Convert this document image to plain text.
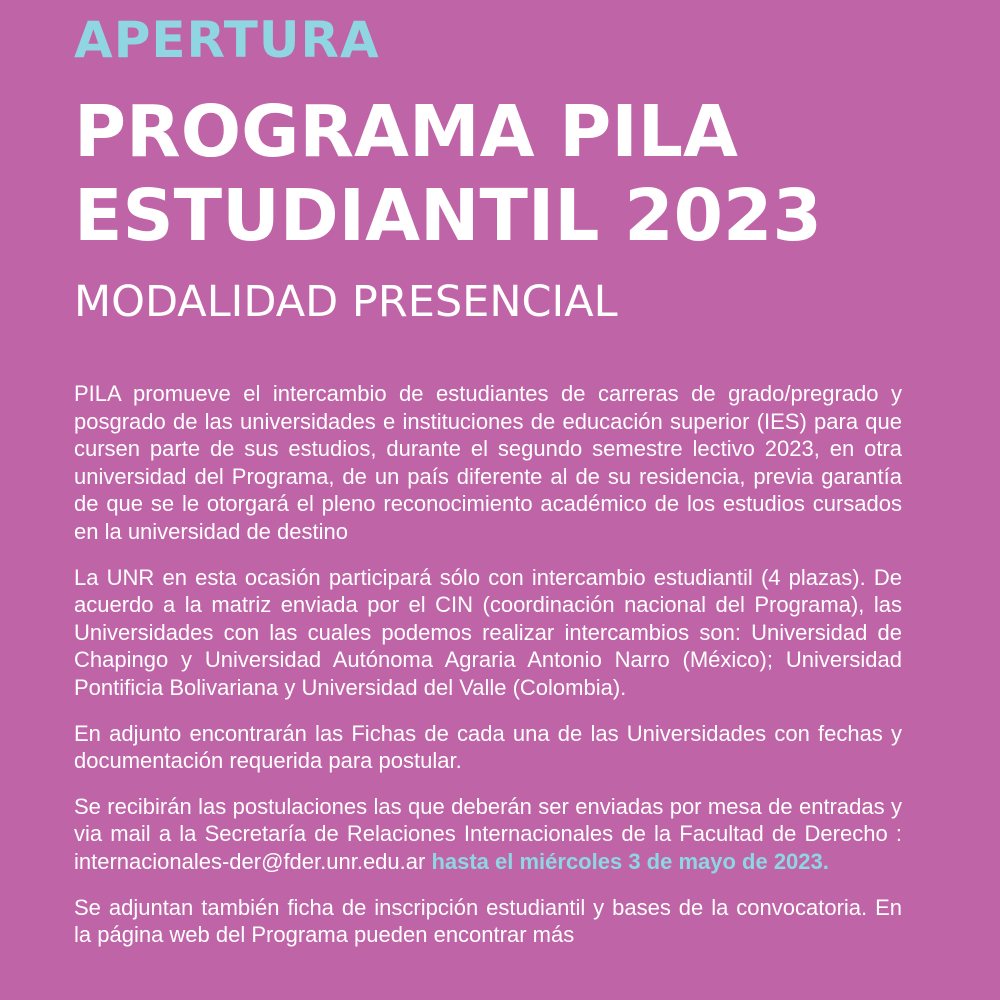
APERTURA
PROGRAMA PILA
ESTUDIANTIL 2023
MODALIDAD PRESENCIAL

PILA promueve el intercambio de estudiantes de carreras de grado/pregrado y posgrado de las universidades e instituciones de educación superior (IES) para que cursen parte de sus estudios, durante el segundo semestre lectivo 2023, en otra universidad del Programa, de un país diferente al de su residencia, previa garantía de que se le otorgará el pleno reconocimiento académico de los estudios cursados en la universidad de destino

La UNR en esta ocasión participará sólo con intercambio estudiantil (4 plazas). De acuerdo a la matriz enviada por el CIN (coordinación nacional del Programa), las Universidades con las cuales podemos realizar intercambios son: Universidad de Chapingo y Universidad Autónoma Agraria Antonio Narro (México); Universidad Pontificia Bolivariana y Universidad del Valle (Colombia).

En adjunto encontrarán las Fichas de cada una de las Universidades con fechas y documentación requerida para postular.

Se recibirán las postulaciones las que deberán ser enviadas por mesa de entradas y via mail a la Secretaría de Relaciones Internacionales de la Facultad de Derecho : internacionales-der@fder.unr.edu.ar hasta el miércoles 3 de mayo de 2023.

Se adjuntan también ficha de inscripción estudiantil y bases de la convocatoria. En la página web del Programa pueden encontrar más
